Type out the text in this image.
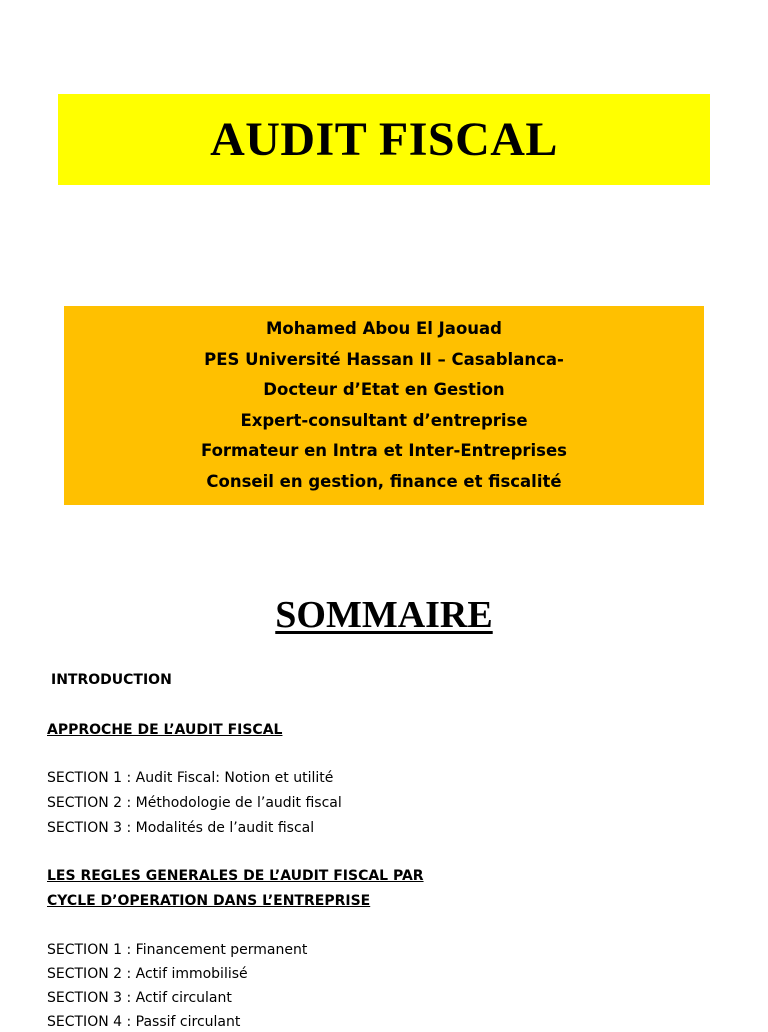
AUDIT FISCAL
Mohamed Abou El Jaouad
PES Université Hassan II – Casablanca-
Docteur d’Etat en Gestion
Expert-consultant d’entreprise
Formateur en Intra et Inter-Entreprises
Conseil en gestion, finance et fiscalité
SOMMAIRE
INTRODUCTION
APPROCHE DE L’AUDIT FISCAL
SECTION 1 : Audit Fiscal: Notion et utilité
SECTION 2 : Méthodologie de l’audit fiscal
SECTION 3 : Modalités de l’audit fiscal
LES REGLES GENERALES DE L’AUDIT FISCAL PAR
CYCLE D’OPERATION DANS L’ENTREPRISE
SECTION 1 : Financement permanent
SECTION 2 : Actif immobilisé
SECTION 3 : Actif circulant
SECTION 4 : Passif circulant
